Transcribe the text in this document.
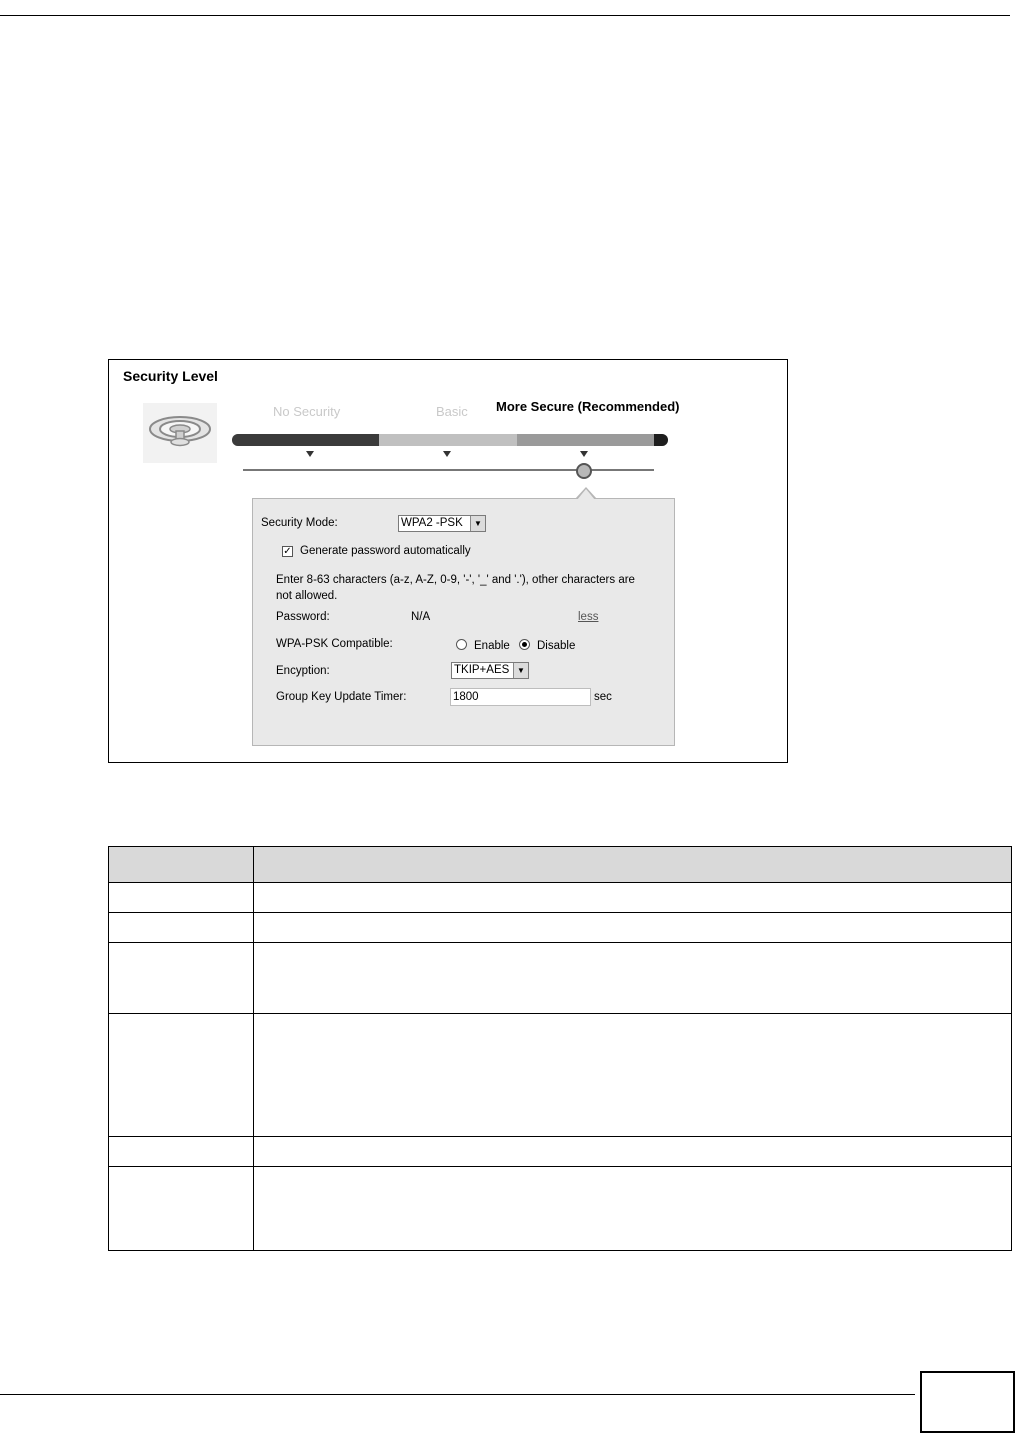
Security Level
No Security	Basic More Secure (Recommended)
Security Mode:	WPA2 -PSK	▼
✓ Generate password automatically
Enter 8-63 characters (a-z, A-Z, 0-9, '-', '_' and '.'), other characters are
not allowed.
Password:	N/A	less
WPA-PSK Compatible:	Enable Disable
Encyption:	TKIP+AES ▼
Group Key Update Timer:
1800	sec
